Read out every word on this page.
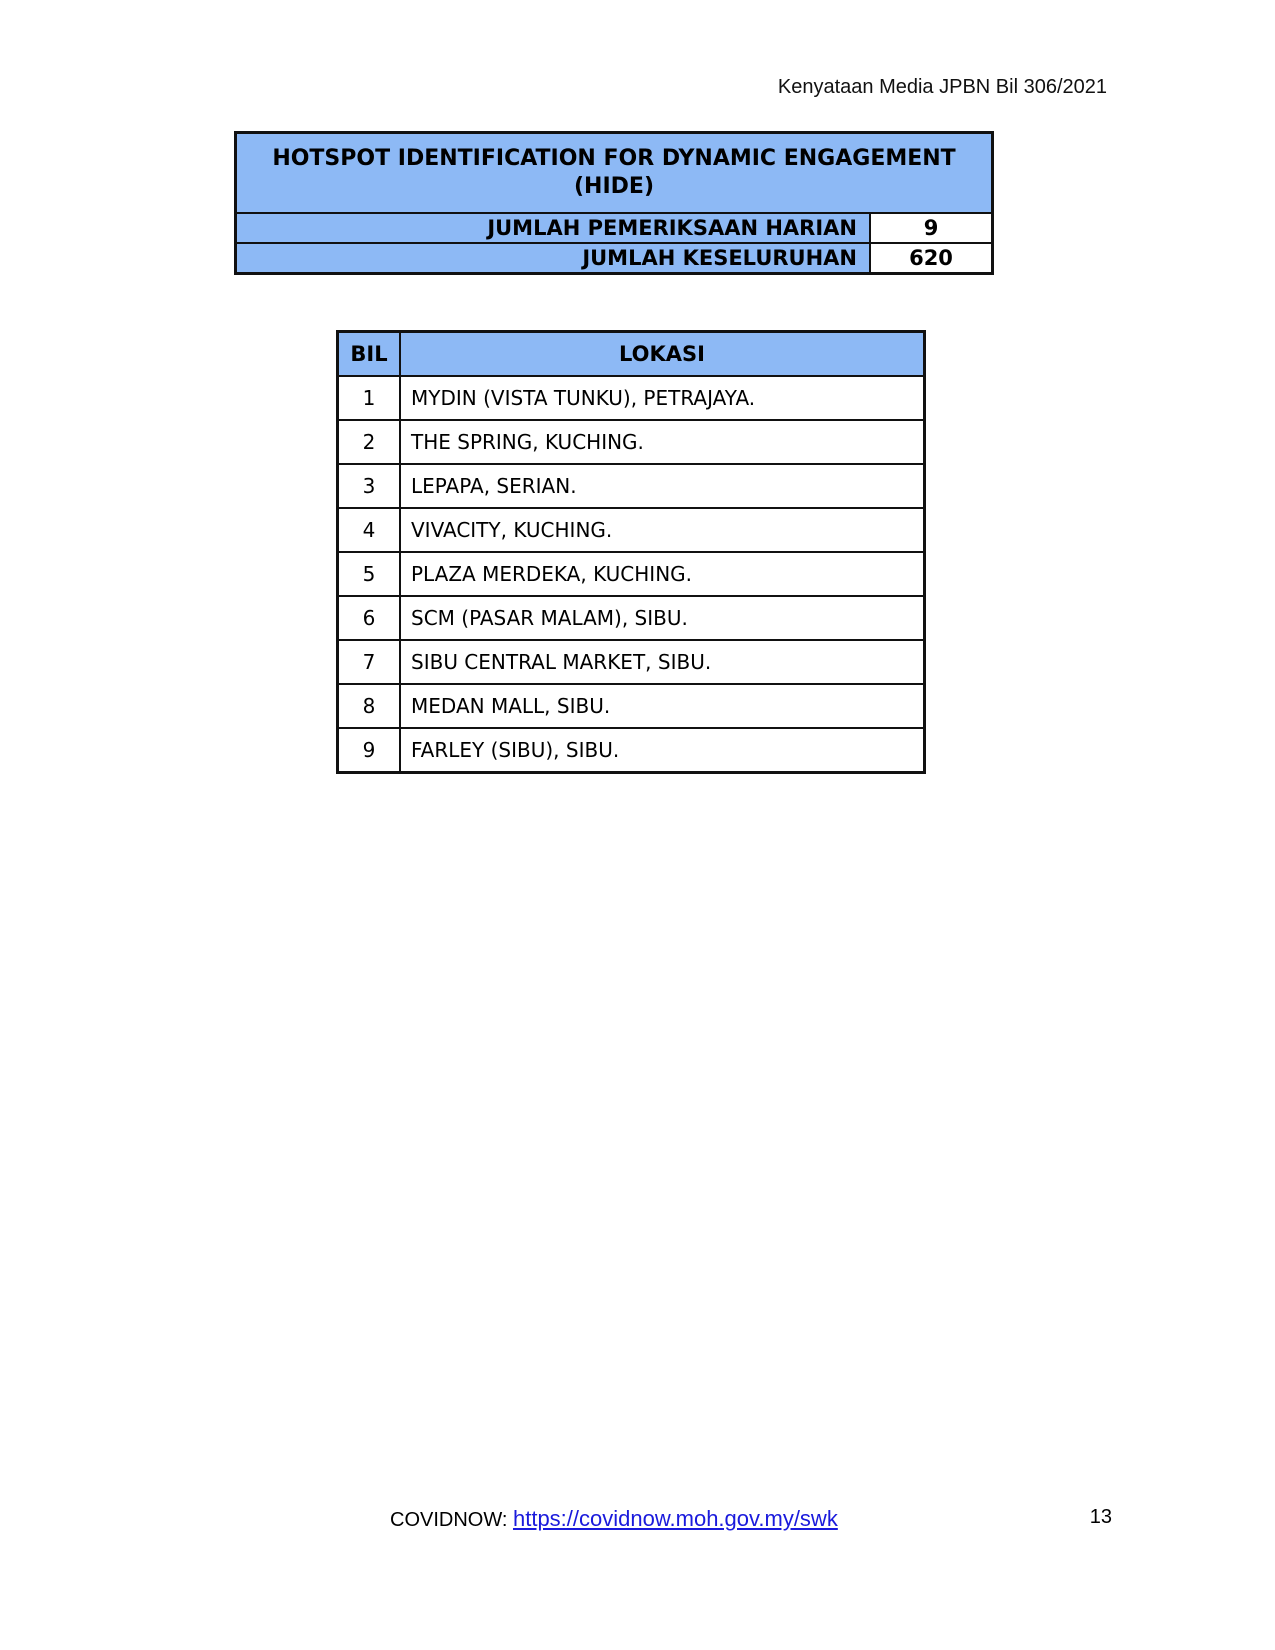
Kenyataan Media JPBN Bil 306/2021
HOTSPOT IDENTIFICATION FOR DYNAMIC ENGAGEMENT
(HIDE)	
JUMLAH PEMERIKSAAN HARIAN	9
JUMLAH KESELURUHAN	620
BIL	LOKASI
1	MYDIN (VISTA TUNKU), PETRAJAYA.
2	THE SPRING, KUCHING.
3	LEPAPA, SERIAN.
4	VIVACITY, KUCHING.
5	PLAZA MERDEKA, KUCHING.
6	SCM (PASAR MALAM), SIBU.
7	SIBU CENTRAL MARKET, SIBU.
8	MEDAN MALL, SIBU.
9	FARLEY (SIBU), SIBU.
COVIDNOW: https://covidnow.moh.gov.my/swk	13
